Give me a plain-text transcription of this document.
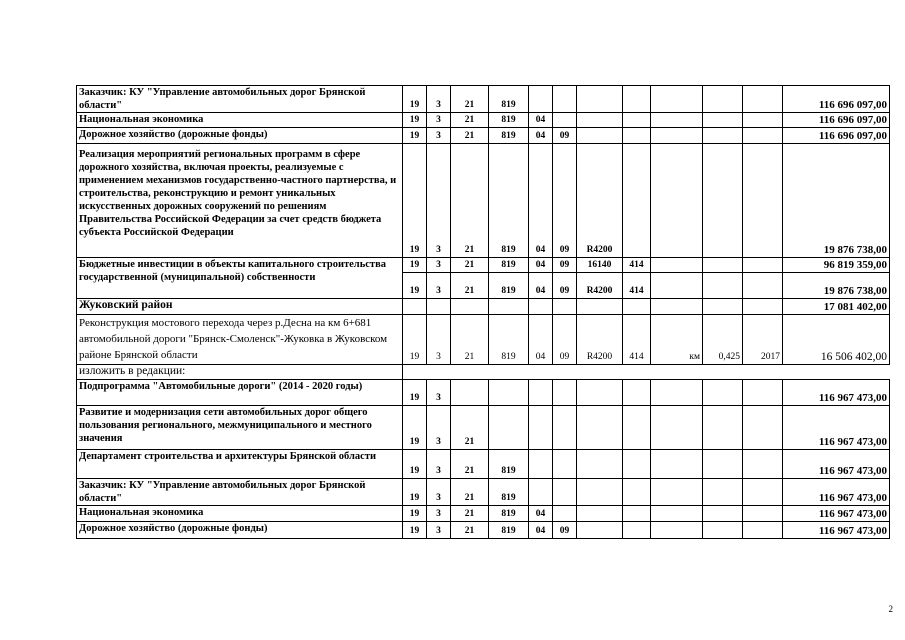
Заказчик: КУ "Управление автомобильных дорог Брянской области"	19	3	21	819								116 696 097,00
Национальная экономика	19	3	21	819	04							116 696 097,00
Дорожное хозяйство (дорожные фонды)	19	3	21	819	04	09						116 696 097,00
Реализация мероприятий региональных программ в сфере дорожного хозяйства, включая проекты, реализуемые с применением механизмов государственно-частного партнерства, и строительства, реконструкцию и ремонт уникальных искусственных дорожных сооружений по решениям Правительства Российской Федерации за счет средств бюджета субъекта Российской Федерации	19	3	21	819	04	09	R4200					19 876 738,00
Бюджетные инвестиции в объекты капитального строительства государственной (муниципальной) собственности	19	3	21	819	04	09	16140	414				96 819 359,00
	19	3	21	819	04	09	R4200	414				19 876 738,00
Жуковский район												17 081 402,00
Реконструкция мостового перехода через р.Десна на км 6+681 автомобильной дороги "Брянск-Смоленск"-Жуковка в Жуковском районе Брянской области	19	3	21	819	04	09	R4200	414	км	0,425	2017	16 506 402,00
изложить в редакции:												
Подпрограмма "Автомобильные дороги" (2014 - 2020 годы)	19	3										116 967 473,00
Развитие и модернизация сети автомобильных дорог общего пользования регионального, межмуниципального и местного значения	19	3	21									116 967 473,00
Департамент строительства и архитектуры Брянской области	19	3	21	819								116 967 473,00
Заказчик: КУ "Управление автомобильных дорог Брянской области"	19	3	21	819								116 967 473,00
Национальная экономика	19	3	21	819	04							116 967 473,00
Дорожное хозяйство (дорожные фонды)	19	3	21	819	04	09						116 967 473,00
2
